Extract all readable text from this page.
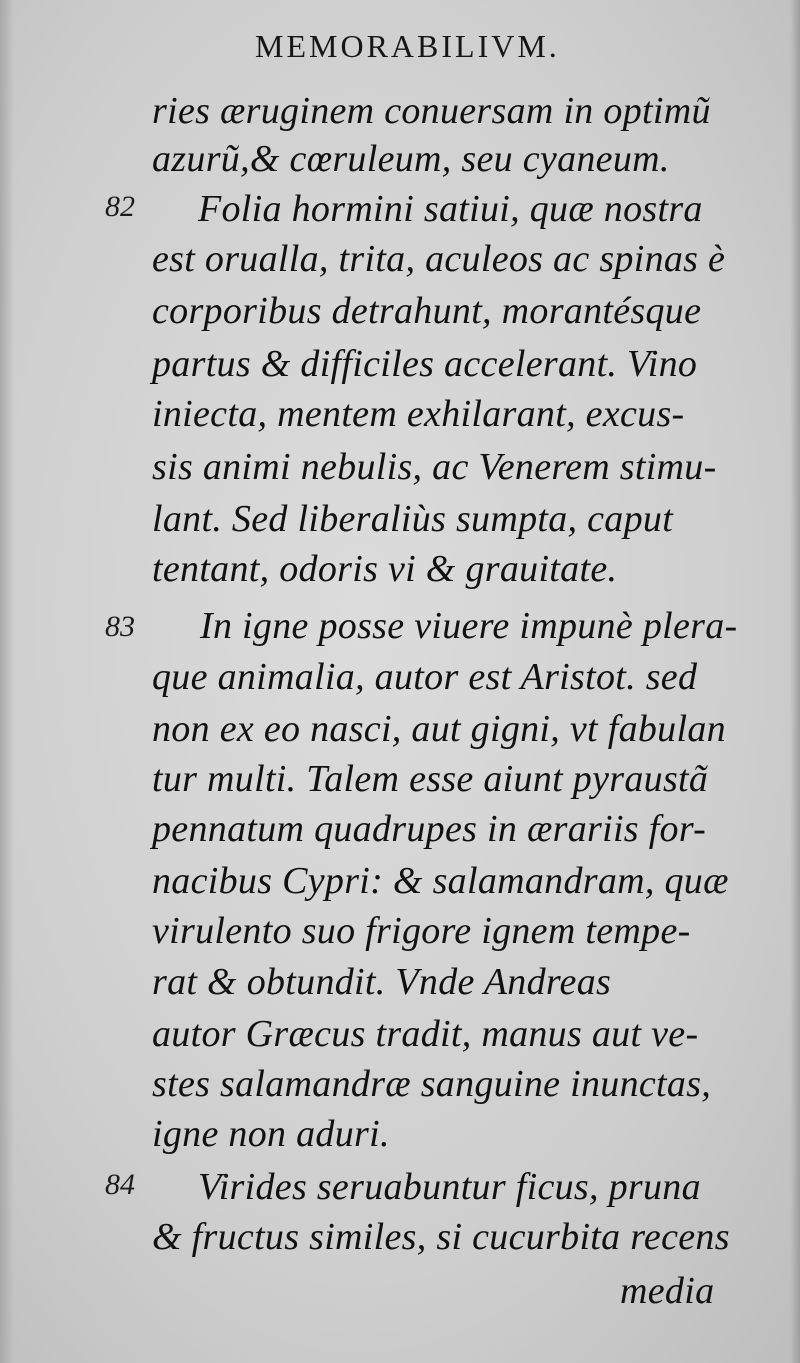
MEMORABILIVM.
82
83
84
ries æruginem conuersam in optimũ
azurũ,& cœruleum, seu cyaneum.
Folia hormini satiui, quæ nostra
est orualla, trita, aculeos ac spinas è
corporibus detrahunt, morantésque
partus & difficiles accelerant. Vino
iniecta, mentem exhilarant, excus-
sis animi nebulis, ac Venerem stimu-
lant. Sed liberaliùs sumpta, caput
tentant, odoris vi & grauitate.
In igne posse viuere impunè plera-
que animalia, autor est Aristot. sed
non ex eo nasci, aut gigni, vt fabulan
tur multi. Talem esse aiunt pyraustã
pennatum quadrupes in ærariis for-
nacibus Cypri: & salamandram, quæ
virulento suo frigore ignem tempe-
rat & obtundit. Vnde Andreas
autor Græcus tradit, manus aut ve-
stes salamandræ sanguine inunctas,
igne non aduri.
Virides seruabuntur ficus, pruna
& fructus similes, si cucurbita recens
media
